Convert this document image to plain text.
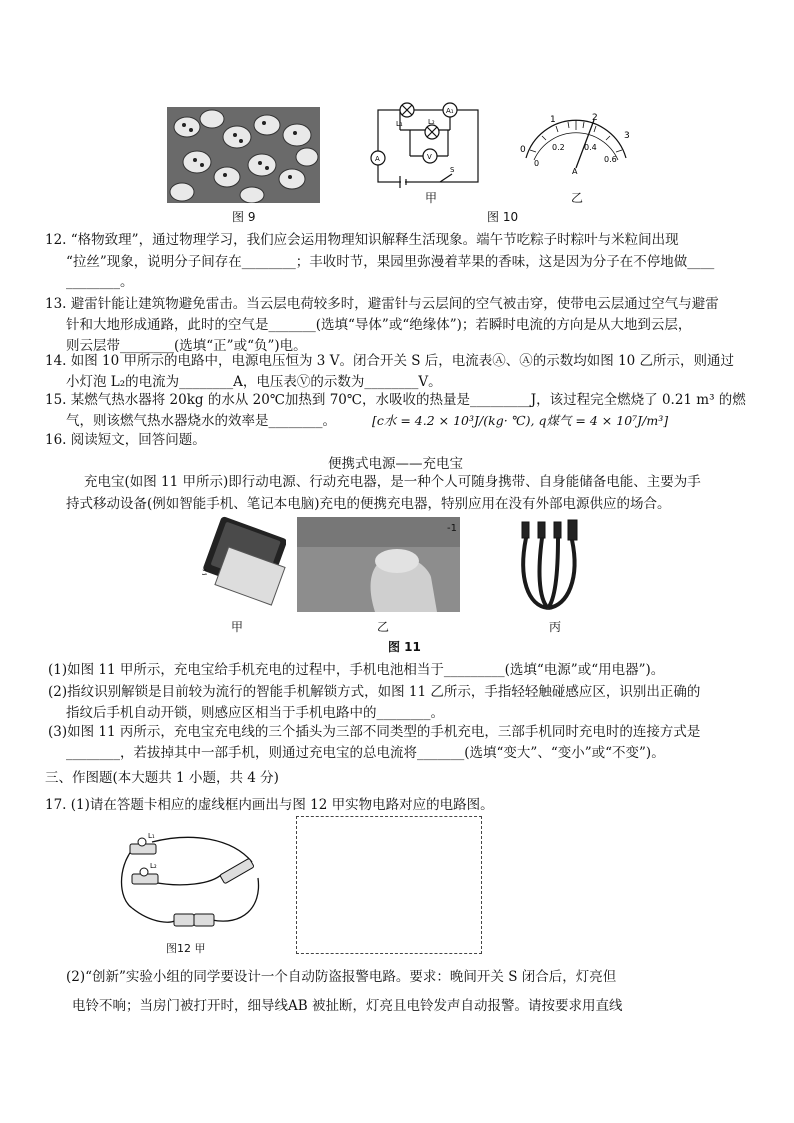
图 9
A₁
V
A
L₁	L₂
S
甲
0
1	2
3
0
0.2 0.4
0.6
A
乙
图 10
12. “格物致理”，通过物理学习，我们应会运用物理知识解释生活现象。端午节吃粽子时粽叶与米粒间出现
“拉丝”现象，说明分子间存在________；丰收时节，果园里弥漫着苹果的香味，这是因为分子在不停地做____
________。
13. 避雷针能让建筑物避免雷击。当云层电荷较多时，避雷针与云层间的空气被击穿，使带电云层通过空气与避雷
针和大地形成通路，此时的空气是_______(选填“导体”或“绝缘体”)；若瞬时电流的方向是从大地到云层，
则云层带________(选填“正”或“负”)电。
14. 如图 10 甲所示的电路中，电源电压恒为 3 V。闭合开关 S 后，电流表Ⓐ、Ⓐ的示数均如图 10 乙所示，则通过
小灯泡 L₂的电流为________A，电压表Ⓥ的示数为________V。
15. 某燃气热水器将 20kg 的水从 20℃加热到 70℃，水吸收的热量是_________J，该过程完全燃烧了 0.21 m³ 的燃
气，则该燃气热水器烧水的效率是________。	[c水 = 4.2 × 10³J/(kg· ℃), q煤气 = 4 × 10⁷J/m³]
16. 阅读短文，回答问题。
便携式电源——充电宝
充电宝(如图 11 甲所示)即行动电源、行动充电器，是一种个人可随身携带、自身能储备电能、主要为手
持式移动设备(例如智能手机、笔记本电脑)充电的便携充电器，特别应用在没有外部电源供应的场合。
ﾆ
-1
甲	乙	丙
图 11
(1)如图 11 甲所示，充电宝给手机充电的过程中，手机电池相当于_________(选填“电源”或“用电器”)。
(2)指纹识别解锁是目前较为流行的智能手机解锁方式，如图 11 乙所示，手指轻轻触碰感应区，识别出正确的
指纹后手机自动开锁，则感应区相当于手机电路中的________。
(3)如图 11 丙所示，充电宝充电线的三个插头为三部不同类型的手机充电，三部手机同时充电时的连接方式是
________，若拔掉其中一部手机，则通过充电宝的总电流将_______(选填“变大”、“变小”或“不变”)。
三、作图题(本大题共 1 小题，共 4 分)
17. (1)请在答题卡相应的虚线框内画出与图 12 甲实物电路对应的电路图。
L₁
L₂
图12 甲
(2)“创新”实验小组的同学要设计一个自动防盗报警电路。要求：晚间开关 S 闭合后，灯亮但
电铃不响；当房门被打开时，细导线AB 被扯断，灯亮且电铃发声自动报警。请按要求用直线
